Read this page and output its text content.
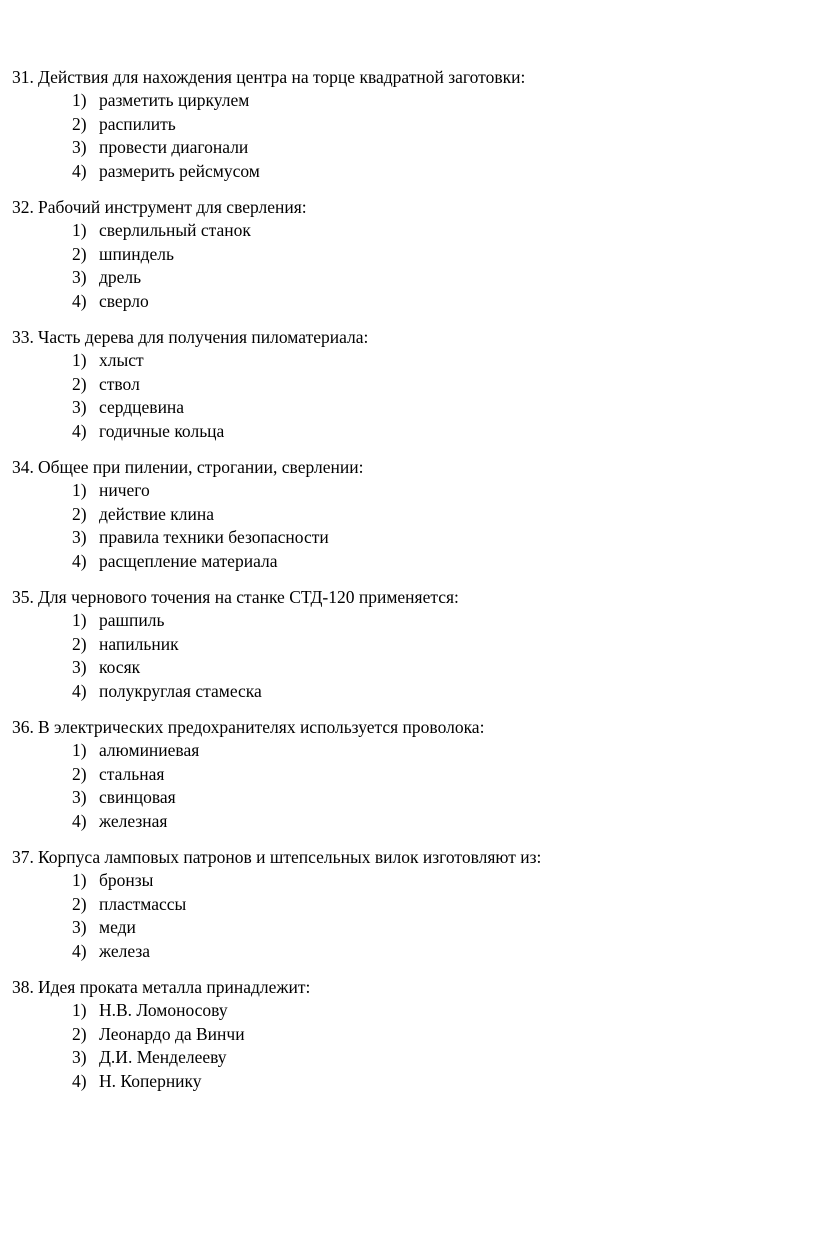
31. Действия для нахождения центра на торце квадратной заготовки:
1) разметить циркулем
2) распилить
3) провести диагонали
4) размерить рейсмусом
32. Рабочий инструмент для сверления:
1) сверлильный станок
2) шпиндель
3) дрель
4) сверло
33. Часть дерева для получения пиломатериала:
1) хлыст
2) ствол
3) сердцевина
4) годичные кольца
34. Общее при пилении, строгании, сверлении:
1) ничего
2) действие клина
3) правила техники безопасности
4) расщепление материала
35. Для чернового точения на станке СТД-120 применяется:
1) рашпиль
2) напильник
3) косяк
4) полукруглая стамеска
36. В электрических предохранителях используется проволока:
1) алюминиевая
2) стальная
3) свинцовая
4) железная
37. Корпуса ламповых патронов и штепсельных вилок изготовляют из:
1) бронзы
2) пластмассы
3) меди
4) железа
38. Идея проката металла принадлежит:
1) Н.В. Ломоносову
2) Леонардо да Винчи
3) Д.И. Менделееву
4) Н. Копернику
